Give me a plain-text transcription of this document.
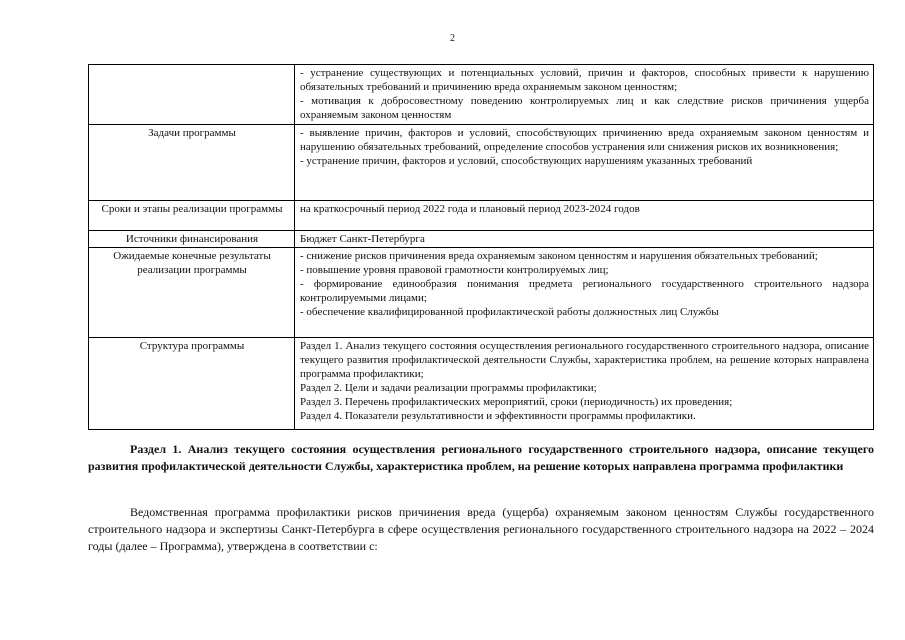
2

	- устранение существующих и потенциальных условий, причин и факторов, способных привести к нарушению обязательных требований и причинению вреда охраняемым законом ценностям;
- мотивация к добросовестному поведению контролируемых лиц и как следствие рисков причинения ущерба охраняемым законом ценностям

Задачи программы	- выявление причин, факторов и условий, способствующих причинению вреда охраняемым законом ценностям и нарушению обязательных требований, определение способов устранения или снижения рисков их возникновения;
- устранение причин, факторов и условий, способствующих нарушениям указанных требований

Сроки и этапы реализации программы	на краткосрочный период 2022 года и плановый период 2023-2024 годов

Источники финансирования	Бюджет Санкт-Петербурга

Ожидаемые конечные результаты реализации программы	- снижение рисков причинения вреда охраняемым законом ценностям и нарушения обязательных требований;
- повышение уровня правовой грамотности контролируемых лиц;
- формирование единообразия понимания предмета регионального государственного строительного надзора контролируемыми лицами;
- обеспечение квалифицированной профилактической работы должностных лиц Службы

Структура программы	Раздел 1. Анализ текущего состояния осуществления регионального государственного строительного надзора, описание текущего развития профилактической деятельности Службы, характеристика проблем, на решение которых направлена программа профилактики;
Раздел 2. Цели и задачи реализации программы профилактики;
Раздел 3. Перечень профилактических мероприятий, сроки (периодичность) их проведения;
Раздел 4. Показатели результативности и эффективности программы профилактики.
Раздел 1. Анализ текущего состояния осуществления регионального государственного строительного надзора, описание текущего развития профилактической деятельности Службы, характеристика проблем, на решение которых направлена программа профилактики
Ведомственная программа профилактики рисков причинения вреда (ущерба) охраняемым законом ценностям Службы государственного строительного надзора и экспертизы Санкт-Петербурга в сфере осуществления регионального государственного строительного надзора на 2022 – 2024 годы (далее – Программа), утверждена в соответствии с:
